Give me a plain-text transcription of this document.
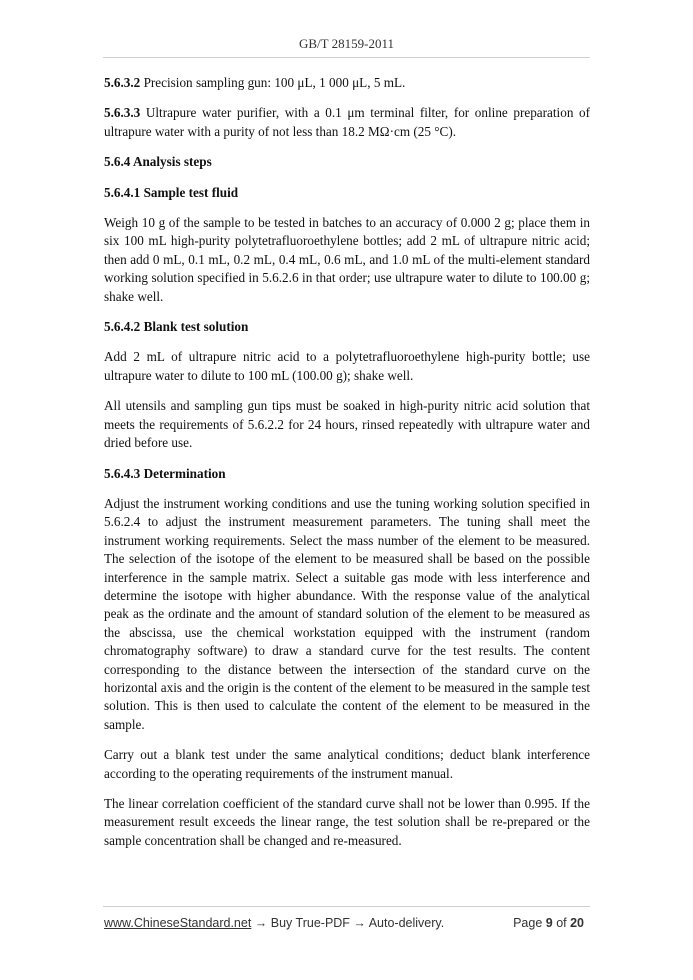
GB/T 28159-2011

5.6.3.2 Precision sampling gun: 100 μL, 1 000 μL, 5 mL.

5.6.3.3 Ultrapure water purifier, with a 0.1 μm terminal filter, for online preparation of ultrapure water with a purity of not less than 18.2 MΩ·cm (25 °C).

5.6.4 Analysis steps

5.6.4.1 Sample test fluid

Weigh 10 g of the sample to be tested in batches to an accuracy of 0.000 2 g; place them in six 100 mL high-purity polytetrafluoroethylene bottles; add 2 mL of ultrapure nitric acid; then add 0 mL, 0.1 mL, 0.2 mL, 0.4 mL, 0.6 mL, and 1.0 mL of the multi-element standard working solution specified in 5.6.2.6 in that order; use ultrapure water to dilute to 100.00 g; shake well.

5.6.4.2 Blank test solution

Add 2 mL of ultrapure nitric acid to a polytetrafluoroethylene high-purity bottle; use ultrapure water to dilute to 100 mL (100.00 g); shake well.

All utensils and sampling gun tips must be soaked in high-purity nitric acid solution that meets the requirements of 5.6.2.2 for 24 hours, rinsed repeatedly with ultrapure water and dried before use.

5.6.4.3 Determination

Adjust the instrument working conditions and use the tuning working solution specified in 5.6.2.4 to adjust the instrument measurement parameters. The tuning shall meet the instrument working requirements. Select the mass number of the element to be measured. The selection of the isotope of the element to be measured shall be based on the possible interference in the sample matrix. Select a suitable gas mode with less interference and determine the isotope with higher abundance. With the response value of the analytical peak as the ordinate and the amount of standard solution of the element to be measured as the abscissa, use the chemical workstation equipped with the instrument (random chromatography software) to draw a standard curve for the test results. The content corresponding to the distance between the intersection of the standard curve on the horizontal axis and the origin is the content of the element to be measured in the sample test solution. This is then used to calculate the content of the element to be measured in the sample.

Carry out a blank test under the same analytical conditions; deduct blank interference according to the operating requirements of the instrument manual.

The linear correlation coefficient of the standard curve shall not be lower than 0.995. If the measurement result exceeds the linear range, the test solution shall be re-prepared or the sample concentration shall be changed and re-measured.

www.ChineseStandard.net → Buy True-PDF → Auto-delivery.	Page 9 of 20
